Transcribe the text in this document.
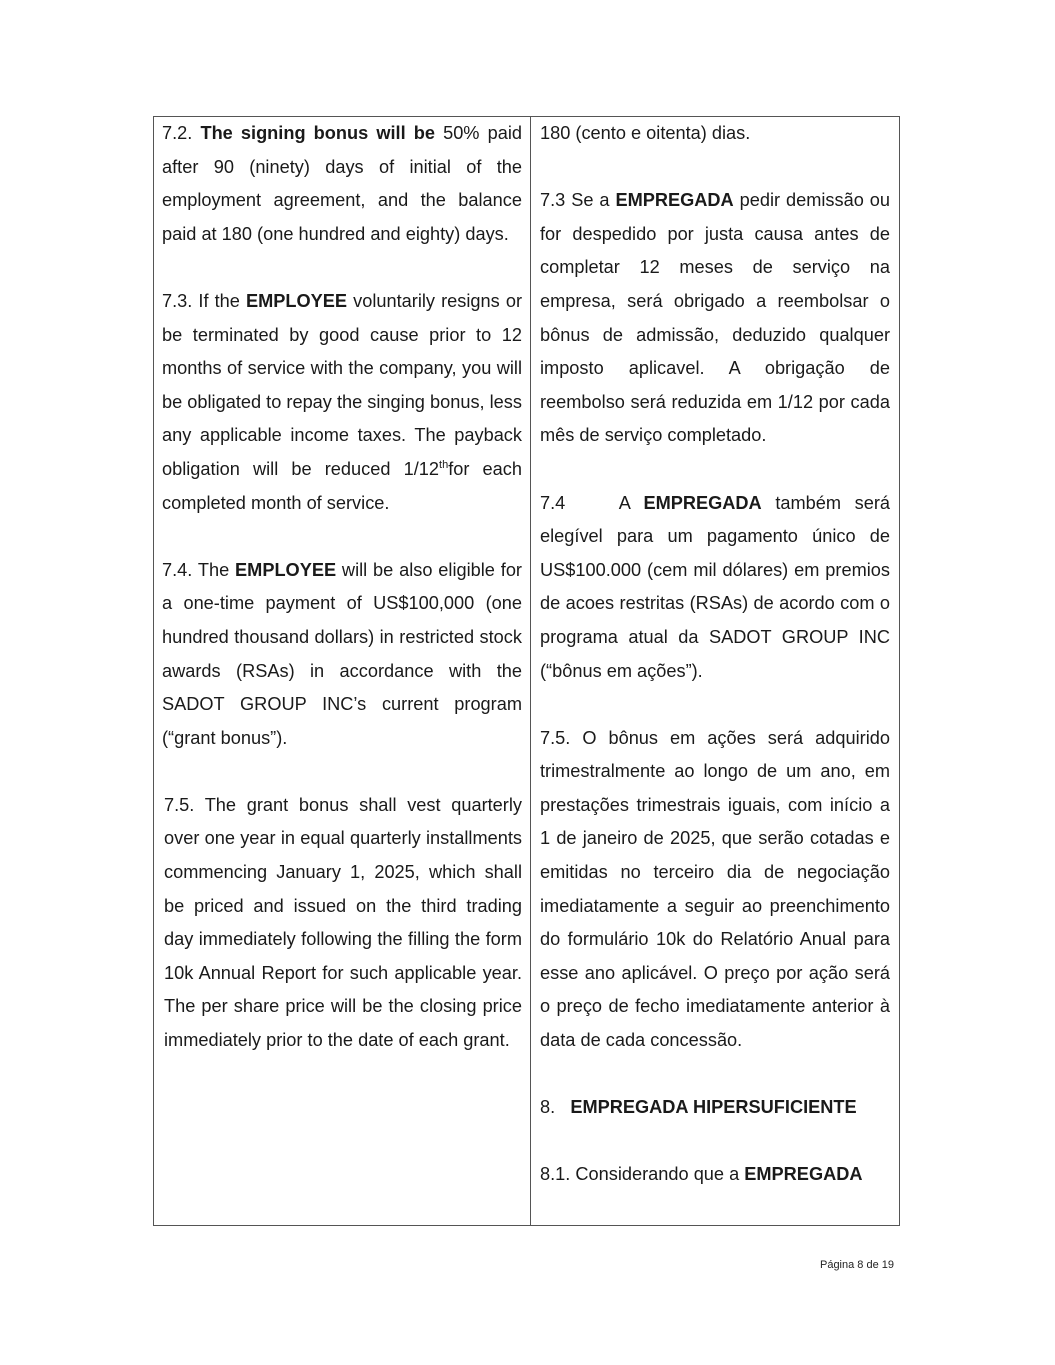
7.2. The signing bonus will be 50% paid after 90 (ninety) days of initial of the employment agreement, and the balance paid at 180 (one hundred and eighty) days.

7.3. If the EMPLOYEE voluntarily resigns or be terminated by good cause prior to 12 months of service with the company, you will be obligated to repay the singing bonus, less any applicable income taxes. The payback obligation will be reduced 1/12thfor each completed month of service.

7.4. The EMPLOYEE will be also eligible for a one-time payment of US$100,000 (one hundred thousand dollars) in restricted stock awards (RSAs) in accordance with the SADOT GROUP INC’s current program (“grant bonus”).

7.5. The grant bonus shall vest quarterly over one year in equal quarterly installments commencing January 1, 2025, which shall be priced and issued on the third trading day immediately following the filling the form 10k Annual Report for such applicable year. The per share price will be the closing price immediately prior to the date of each grant.

180 (cento e oitenta) dias.

7.3 Se a EMPREGADA pedir demissão ou for despedido por justa causa antes de completar 12 meses de serviço na empresa, será obrigado a reembolsar o bônus de admissão, deduzido qualquer imposto aplicavel. A obrigação de reembolso será reduzida em 1/12 por cada mês de serviço completado.

7.4    A EMPREGADA também será elegível para um pagamento único de US$100.000 (cem mil dólares) em premios de acoes restritas (RSAs) de acordo com o programa atual da SADOT GROUP INC (“bônus em ações”).

7.5. O bônus em ações será adquirido trimestralmente ao longo de um ano, em prestações trimestrais iguais, com início a 1 de janeiro de 2025, que serão cotadas e emitidas no terceiro dia de negociação imediatamente a seguir ao preenchimento do formulário 10k do Relatório Anual para esse ano aplicável. O preço por ação será o preço de fecho imediatamente anterior à data de cada concessão.

8. EMPREGADA HIPERSUFICIENTE

8.1. Considerando que a EMPREGADA

Página 8 de 19
